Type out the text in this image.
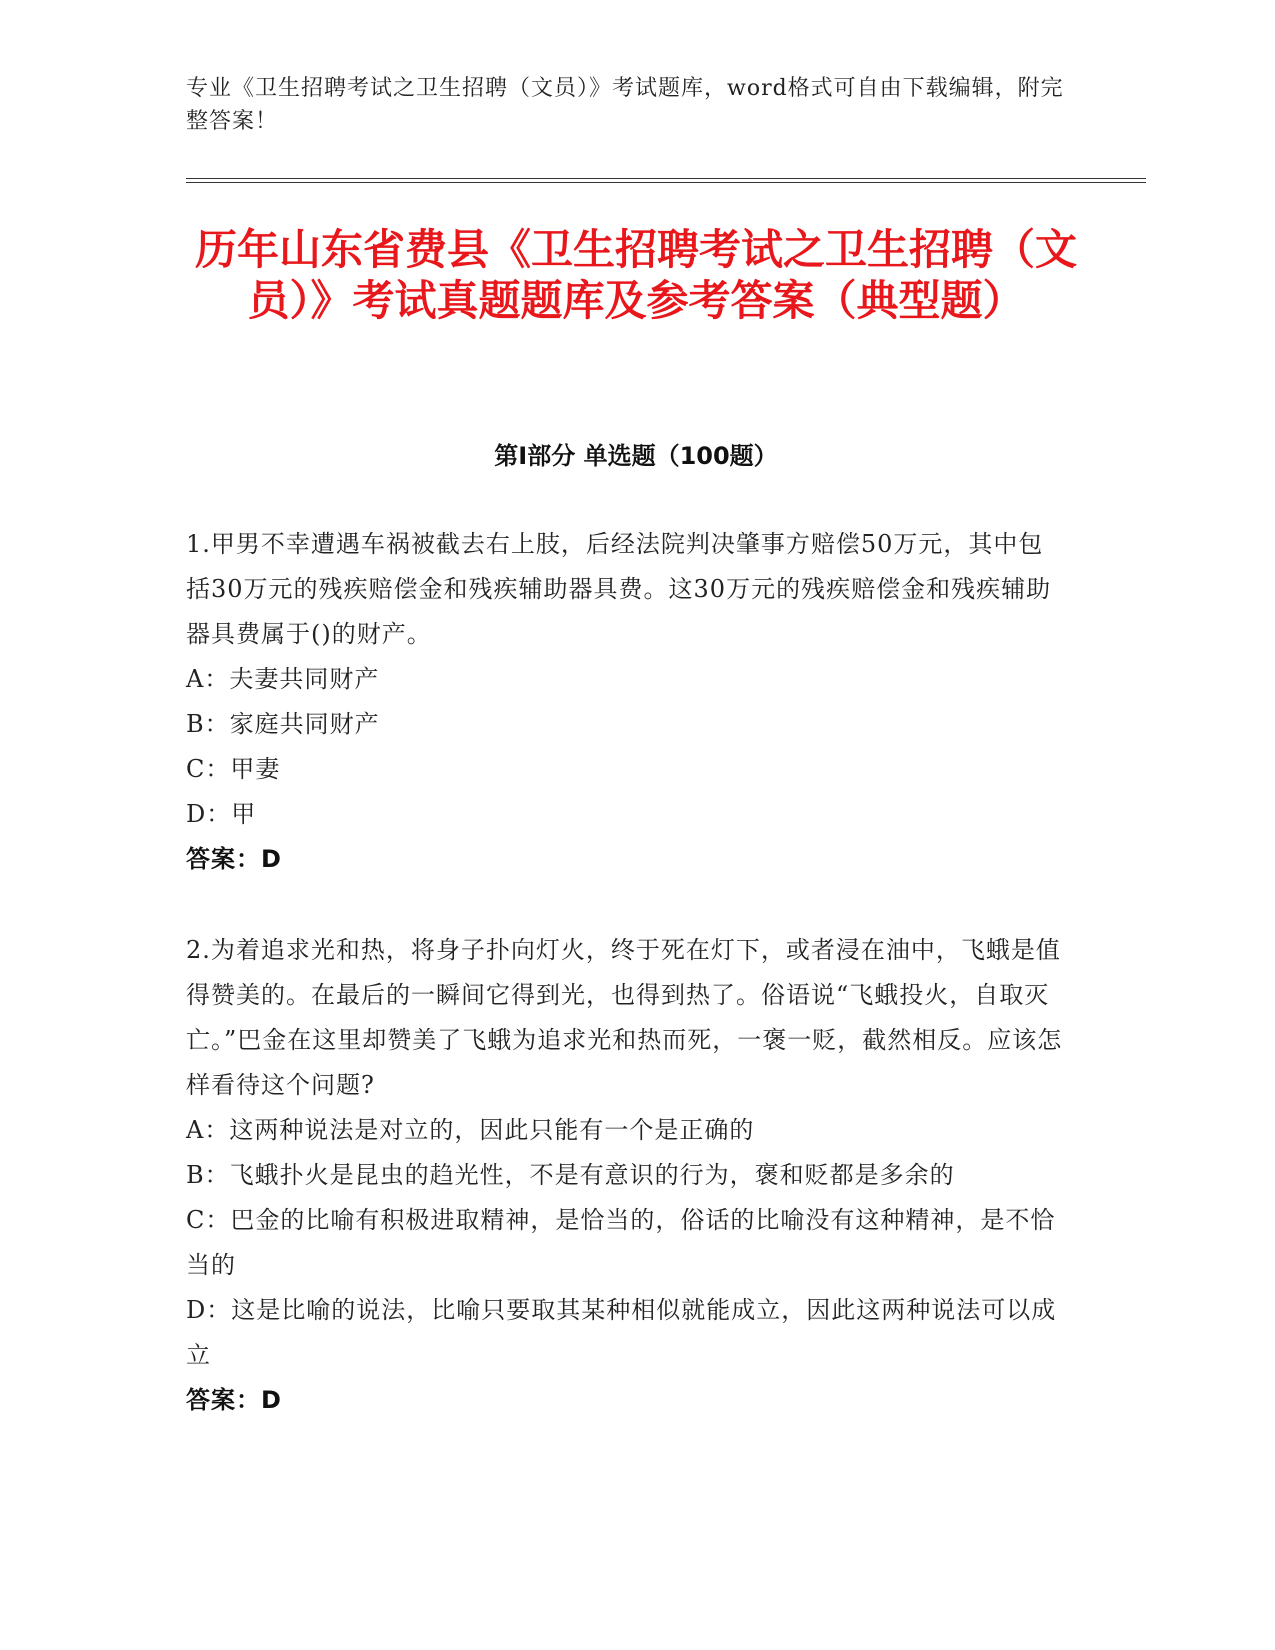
专业《卫生招聘考试之卫生招聘（文员）》考试题库，word格式可自由下载编辑，附完整答案！
历年山东省费县《卫生招聘考试之卫生招聘（文员）》考试真题题库及参考答案（典型题）
第Ⅰ部分 单选题（100题）

1.甲男不幸遭遇车祸被截去右上肢，后经法院判决肇事方赔偿50万元，其中包括30万元的残疾赔偿金和残疾辅助器具费。这30万元的残疾赔偿金和残疾辅助器具费属于()的财产。

A：夫妻共同财产

B：家庭共同财产

C：甲妻

D：甲

答案：D

2.为着追求光和热，将身子扑向灯火，终于死在灯下，或者浸在油中，飞蛾是值得赞美的。在最后的一瞬间它得到光，也得到热了。俗语说“飞蛾投火，自取灭亡。”巴金在这里却赞美了飞蛾为追求光和热而死，一褒一贬，截然相反。应该怎样看待这个问题?

A：这两种说法是对立的，因此只能有一个是正确的

B：飞蛾扑火是昆虫的趋光性，不是有意识的行为，褒和贬都是多余的

C：巴金的比喻有积极进取精神，是恰当的，俗话的比喻没有这种精神，是不恰当的

D：这是比喻的说法，比喻只要取其某种相似就能成立，因此这两种说法可以成立

答案：D
